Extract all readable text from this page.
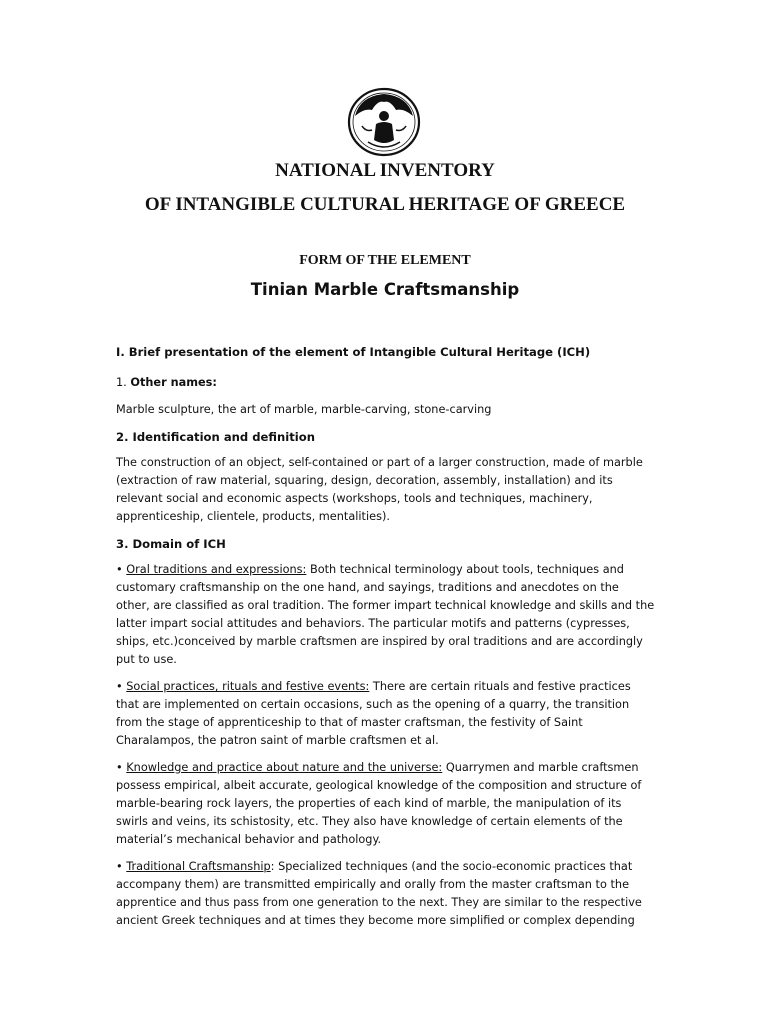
NATIONAL INVENTORY
OF INTANGIBLE CULTURAL HERITAGE OF GREECE
FORM OF THE ELEMENT
Tinian Marble Craftsmanship

I. Brief presentation of the element of Intangible Cultural Heritage (ICH)

1. Other names:

Marble sculpture, the art of marble, marble-carving, stone-carving

2. Identification and definition

The construction of an object, self-contained or part of a larger construction, made of marble (extraction of raw material, squaring, design, decoration, assembly, installation) and its relevant social and economic aspects (workshops, tools and techniques, machinery, apprenticeship, clientele, products, mentalities).

3. Domain of ICH

• Oral traditions and expressions: Both technical terminology about tools, techniques and customary craftsmanship on the one hand, and sayings, traditions and anecdotes on the other, are classified as oral tradition. The former impart technical knowledge and skills and the latter impart social attitudes and behaviors. The particular motifs and patterns (cypresses, ships, etc.)conceived by marble craftsmen are inspired by oral traditions and are accordingly put to use.

• Social practices, rituals and festive events: There are certain rituals and festive practices that are implemented on certain occasions, such as the opening of a quarry, the transition from the stage of apprenticeship to that of master craftsman, the festivity of Saint Charalampos, the patron saint of marble craftsmen et al.

• Knowledge and practice about nature and the universe: Quarrymen and marble craftsmen possess empirical, albeit accurate, geological knowledge of the composition and structure of marble-bearing rock layers, the properties of each kind of marble, the manipulation of its swirls and veins, its schistosity, etc. They also have knowledge of certain elements of the material’s mechanical behavior and pathology.

• Traditional Craftsmanship: Specialized techniques (and the socio-economic practices that accompany them) are transmitted empirically and orally from the master craftsman to the apprentice and thus pass from one generation to the next. They are similar to the respective ancient Greek techniques and at times they become more simplified or complex depending
